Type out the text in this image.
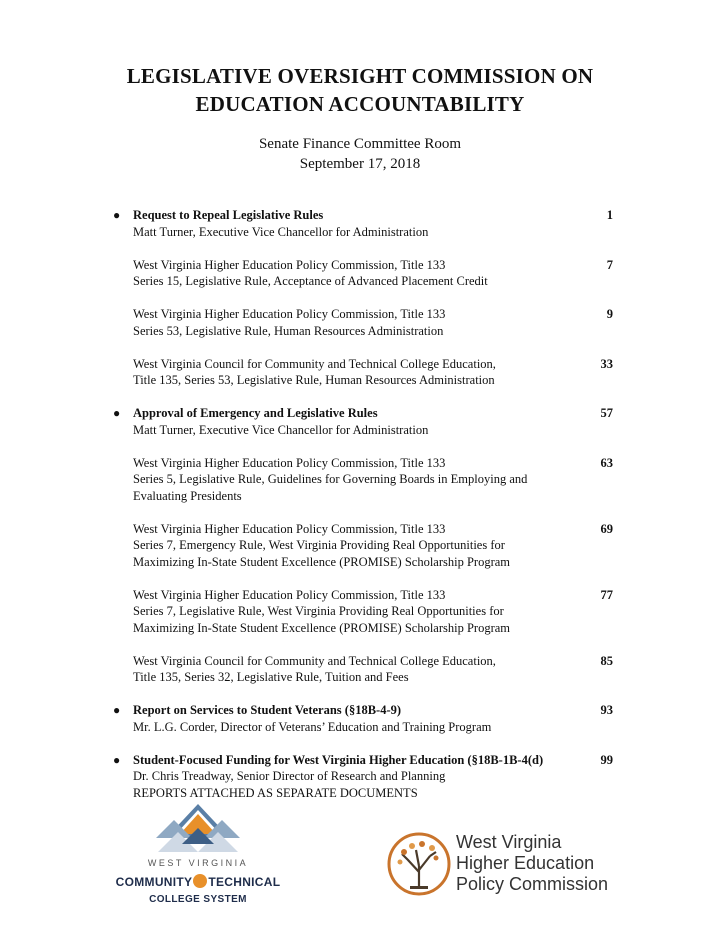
LEGISLATIVE OVERSIGHT COMMISSION ON
EDUCATION ACCOUNTABILITY
Senate Finance Committee Room
September 17, 2018
● Request to Repeal Legislative Rules	1
Matt Turner, Executive Vice Chancellor for Administration
West Virginia Higher Education Policy Commission, Title 133	7
Series 15, Legislative Rule, Acceptance of Advanced Placement Credit
West Virginia Higher Education Policy Commission, Title 133	9
Series 53, Legislative Rule, Human Resources Administration
West Virginia Council for Community and Technical College Education,	33
Title 135, Series 53, Legislative Rule, Human Resources Administration
● Approval of Emergency and Legislative Rules	57
Matt Turner, Executive Vice Chancellor for Administration
West Virginia Higher Education Policy Commission, Title 133	63
Series 5, Legislative Rule, Guidelines for Governing Boards in Employing and
Evaluating Presidents
West Virginia Higher Education Policy Commission, Title 133	69
Series 7, Emergency Rule, West Virginia Providing Real Opportunities for
Maximizing In-State Student Excellence (PROMISE) Scholarship Program
West Virginia Higher Education Policy Commission, Title 133	77
Series 7, Legislative Rule, West Virginia Providing Real Opportunities for
Maximizing In-State Student Excellence (PROMISE) Scholarship Program
West Virginia Council for Community and Technical College Education,	85
Title 135, Series 32, Legislative Rule, Tuition and Fees
● Report on Services to Student Veterans (§18B-4-9)	93
Mr. L.G. Corder, Director of Veterans’ Education and Training Program
● Student-Focused Funding for West Virginia Higher Education (§18B-1B-4(d)	99
Dr. Chris Treadway, Senior Director of Research and Planning
REPORTS ATTACHED AS SEPARATE DOCUMENTS
WEST VIRGINIA
COMMUNITY TECHNICAL
COLLEGE SYSTEM
West Virginia
Higher Education
Policy Commission
